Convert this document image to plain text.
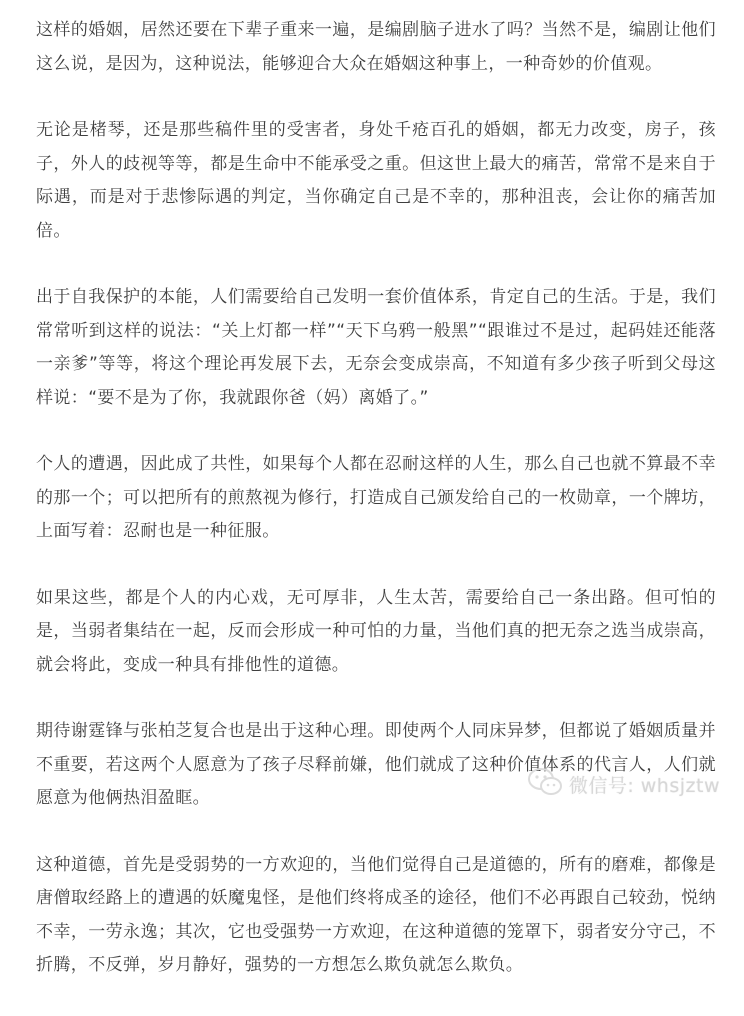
这样的婚姻，居然还要在下辈子重来一遍，是编剧脑子进水了吗？当然不是，编剧让他们这么说，是因为，这种说法，能够迎合大众在婚姻这种事上，一种奇妙的价值观。

无论是楮琴，还是那些稿件里的受害者，身处千疮百孔的婚姻，都无力改变，房子，孩子，外人的歧视等等，都是生命中不能承受之重。但这世上最大的痛苦，常常不是来自于际遇，而是对于悲惨际遇的判定，当你确定自己是不幸的，那种沮丧，会让你的痛苦加倍。

出于自我保护的本能，人们需要给自己发明一套价值体系，肯定自己的生活。于是，我们常常听到这样的说法：“关上灯都一样”“天下乌鸦一般黑”“跟谁过不是过，起码娃还能落一亲爹”等等，将这个理论再发展下去，无奈会变成崇高，不知道有多少孩子听到父母这样说：“要不是为了你，我就跟你爸（妈）离婚了。”

个人的遭遇，因此成了共性，如果每个人都在忍耐这样的人生，那么自己也就不算最不幸的那一个；可以把所有的煎熬视为修行，打造成自己颁发给自己的一枚勋章，一个牌坊，上面写着：忍耐也是一种征服。

如果这些，都是个人的内心戏，无可厚非，人生太苦，需要给自己一条出路。但可怕的是，当弱者集结在一起，反而会形成一种可怕的力量，当他们真的把无奈之选当成崇高，就会将此，变成一种具有排他性的道德。

期待谢霆锋与张柏芝复合也是出于这种心理。即使两个人同床异梦，但都说了婚姻质量并不重要，若这两个人愿意为了孩子尽释前嫌，他们就成了这种价值体系的代言人，人们就愿意为他俩热泪盈眶。

这种道德，首先是受弱势的一方欢迎的，当他们觉得自己是道德的，所有的磨难，都像是唐僧取经路上的遭遇的妖魔鬼怪，是他们终将成圣的途径，他们不必再跟自己较劲，悦纳不幸，一劳永逸；其次，它也受强势一方欢迎，在这种道德的笼罩下，弱者安分守己，不折腾，不反弹，岁月静好，强势的一方想怎么欺负就怎么欺负。

微信号: whsjztw
